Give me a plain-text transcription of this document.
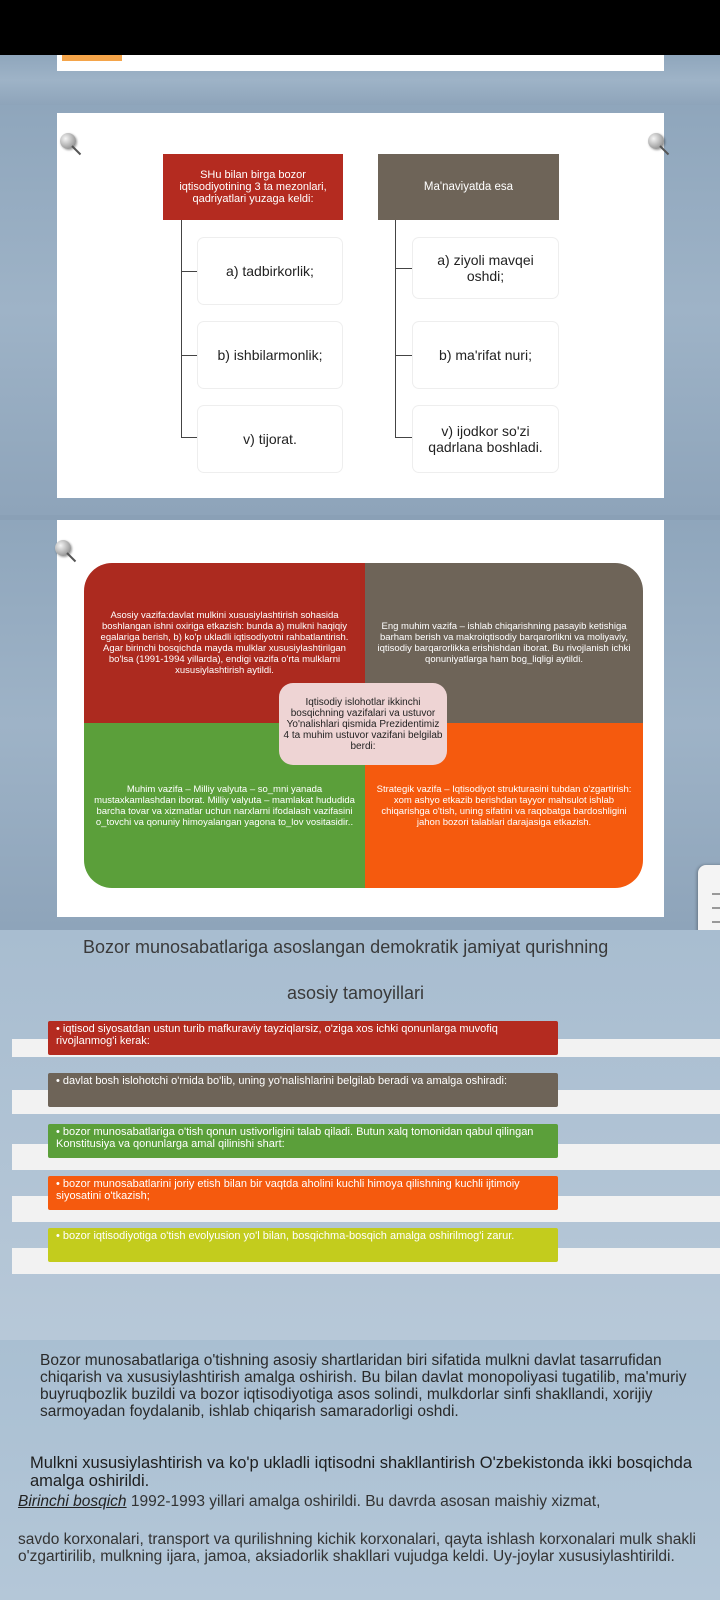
SHu bilan birga bozor iqtisodiyotining 3 ta mezonlari, qadriyatlari yuzaga keldi:
Ma'naviyatda esa
a) tadbirkorlik;
b) ishbilarmonlik;
v) tijorat.
a) ziyoli mavqei oshdi;
b) ma'rifat nuri;
v) ijodkor so'zi qadrlana boshladi.
Asosiy vazifa:davlat mulkini xususiylashtirish sohasida boshlangan ishni oxiriga etkazish: bunda a) mulkni haqiqiy egalariga berish, b) ko'p ukladli iqtisodiyotni rahbatlantirish. Agar birinchi bosqichda mayda mulklar xususiylashtirilgan bo'lsa (1991-1994 yillarda), endigi vazifa o'rta mulklarni xususiylashtirish aytildi.
Eng muhim vazifa – ishlab chiqarishning pasayib ketishiga barham berish va makroiqtisodiy barqarorlikni va moliyaviy, iqtisodiy barqarorlikka erishishdan iborat. Bu rivojlanish ichki qonuniyatlarga ham bog_liqligi aytildi.
Muhim vazifa – Milliy valyuta – so_mni yanada mustaxkamlashdan iborat. Milliy valyuta – mamlakat hududida barcha tovar va xizmatlar uchun narxlarni ifodalash vazifasini o_tovchi va qonuniy himoyalangan yagona to_lov vositasidir..
Strategik vazifa – Iqtisodiyot strukturasini tubdan o'zgartirish: xom ashyo etkazib berishdan tayyor mahsulot ishlab chiqarishga o'tish, uning sifatini va raqobatga bardoshligini jahon bozori talablari darajasiga etkazish.
Iqtisodiy islohotlar ikkinchi bosqichning vazifalari va ustuvor Yo'nalishlari qismida Prezidentimiz 4 ta muhim ustuvor vazifani belgilab berdi:
Bozor munosabatlariga asoslangan demokratik jamiyat qurishning
asosiy tamoyillari
• iqtisod siyosatdan ustun turib mafkuraviy tayziqlarsiz, o'ziga xos ichki qonunlarga muvofiq rivojlanmog'i kerak:
• davlat bosh islohotchi o'rnida bo'lib, uning yo'nalishlarini belgilab beradi va amalga oshiradi:
• bozor munosabatlariga o'tish qonun ustivorligini talab qiladi. Butun xalq tomonidan qabul qilingan Konstitusiya va qonunlarga amal qilinishi shart:
• bozor munosabatlarini joriy etish bilan bir vaqtda aholini kuchli himoya qilishning kuchli ijtimoiy siyosatini o'tkazish;
• bozor iqtisodiyotiga o'tish evolyusion yo'l bilan, bosqichma-bosqich amalga oshirilmog'i zarur.
Bozor munosabatlariga o'tishning asosiy shartlaridan biri sifatida mulkni davlat tasarrufidan chiqarish va xususiylashtirish amalga oshirish. Bu bilan davlat monopoliyasi tugatilib, ma'muriy buyruqbozlik buzildi va bozor iqtisodiyotiga asos solindi, mulkdorlar sinfi shakllandi, xorijiy sarmoyadan foydalanib, ishlab chiqarish samaradorligi oshdi.
Mulkni xususiylashtirish va ko'p ukladli iqtisodni shakllantirish O'zbekistonda ikki bosqichda amalga oshirildi.
Birinchi bosqich 1992-1993 yillari amalga oshirildi. Bu davrda asosan maishiy xizmat,
savdo korxonalari, transport va qurilishning kichik korxonalari, qayta ishlash korxonalari mulk shakli o'zgartirilib, mulkning ijara, jamoa, aksiadorlik shakllari vujudga keldi. Uy-joylar xususiylashtirildi.
